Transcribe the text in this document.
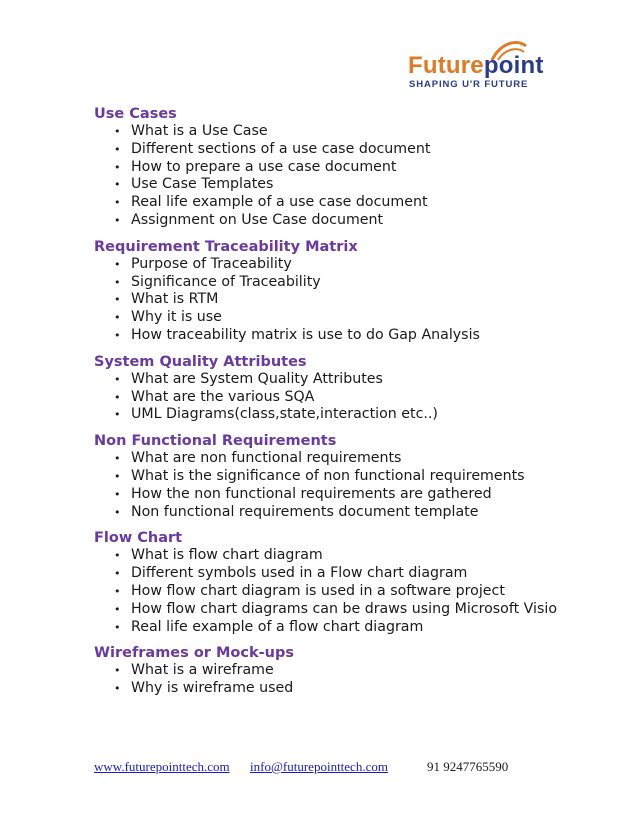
Futurepoint
SHAPING U'R FUTURE
Use Cases
• What is a Use Case
• Different sections of a use case document
• How to prepare a use case document
• Use Case Templates
• Real life example of a use case document
• Assignment on Use Case document
Requirement Traceability Matrix
• Purpose of Traceability
• Significance of Traceability
• What is RTM
• Why it is use
• How traceability matrix is use to do Gap Analysis
System Quality Attributes
• What are System Quality Attributes
• What are the various SQA
• UML Diagrams(class,state,interaction etc..)
Non Functional Requirements
• What are non functional requirements
• What is the significance of non functional requirements
• How the non functional requirements are gathered
• Non functional requirements document template
Flow Chart
• What is flow chart diagram
• Different symbols used in a Flow chart diagram
• How flow chart diagram is used in a software project
• How flow chart diagrams can be draws using Microsoft Visio
• Real life example of a flow chart diagram
Wireframes or Mock-ups
• What is a wireframe
• Why is wireframe used
www.futurepointtech.com info@futurepointtech.com	91 9247765590
